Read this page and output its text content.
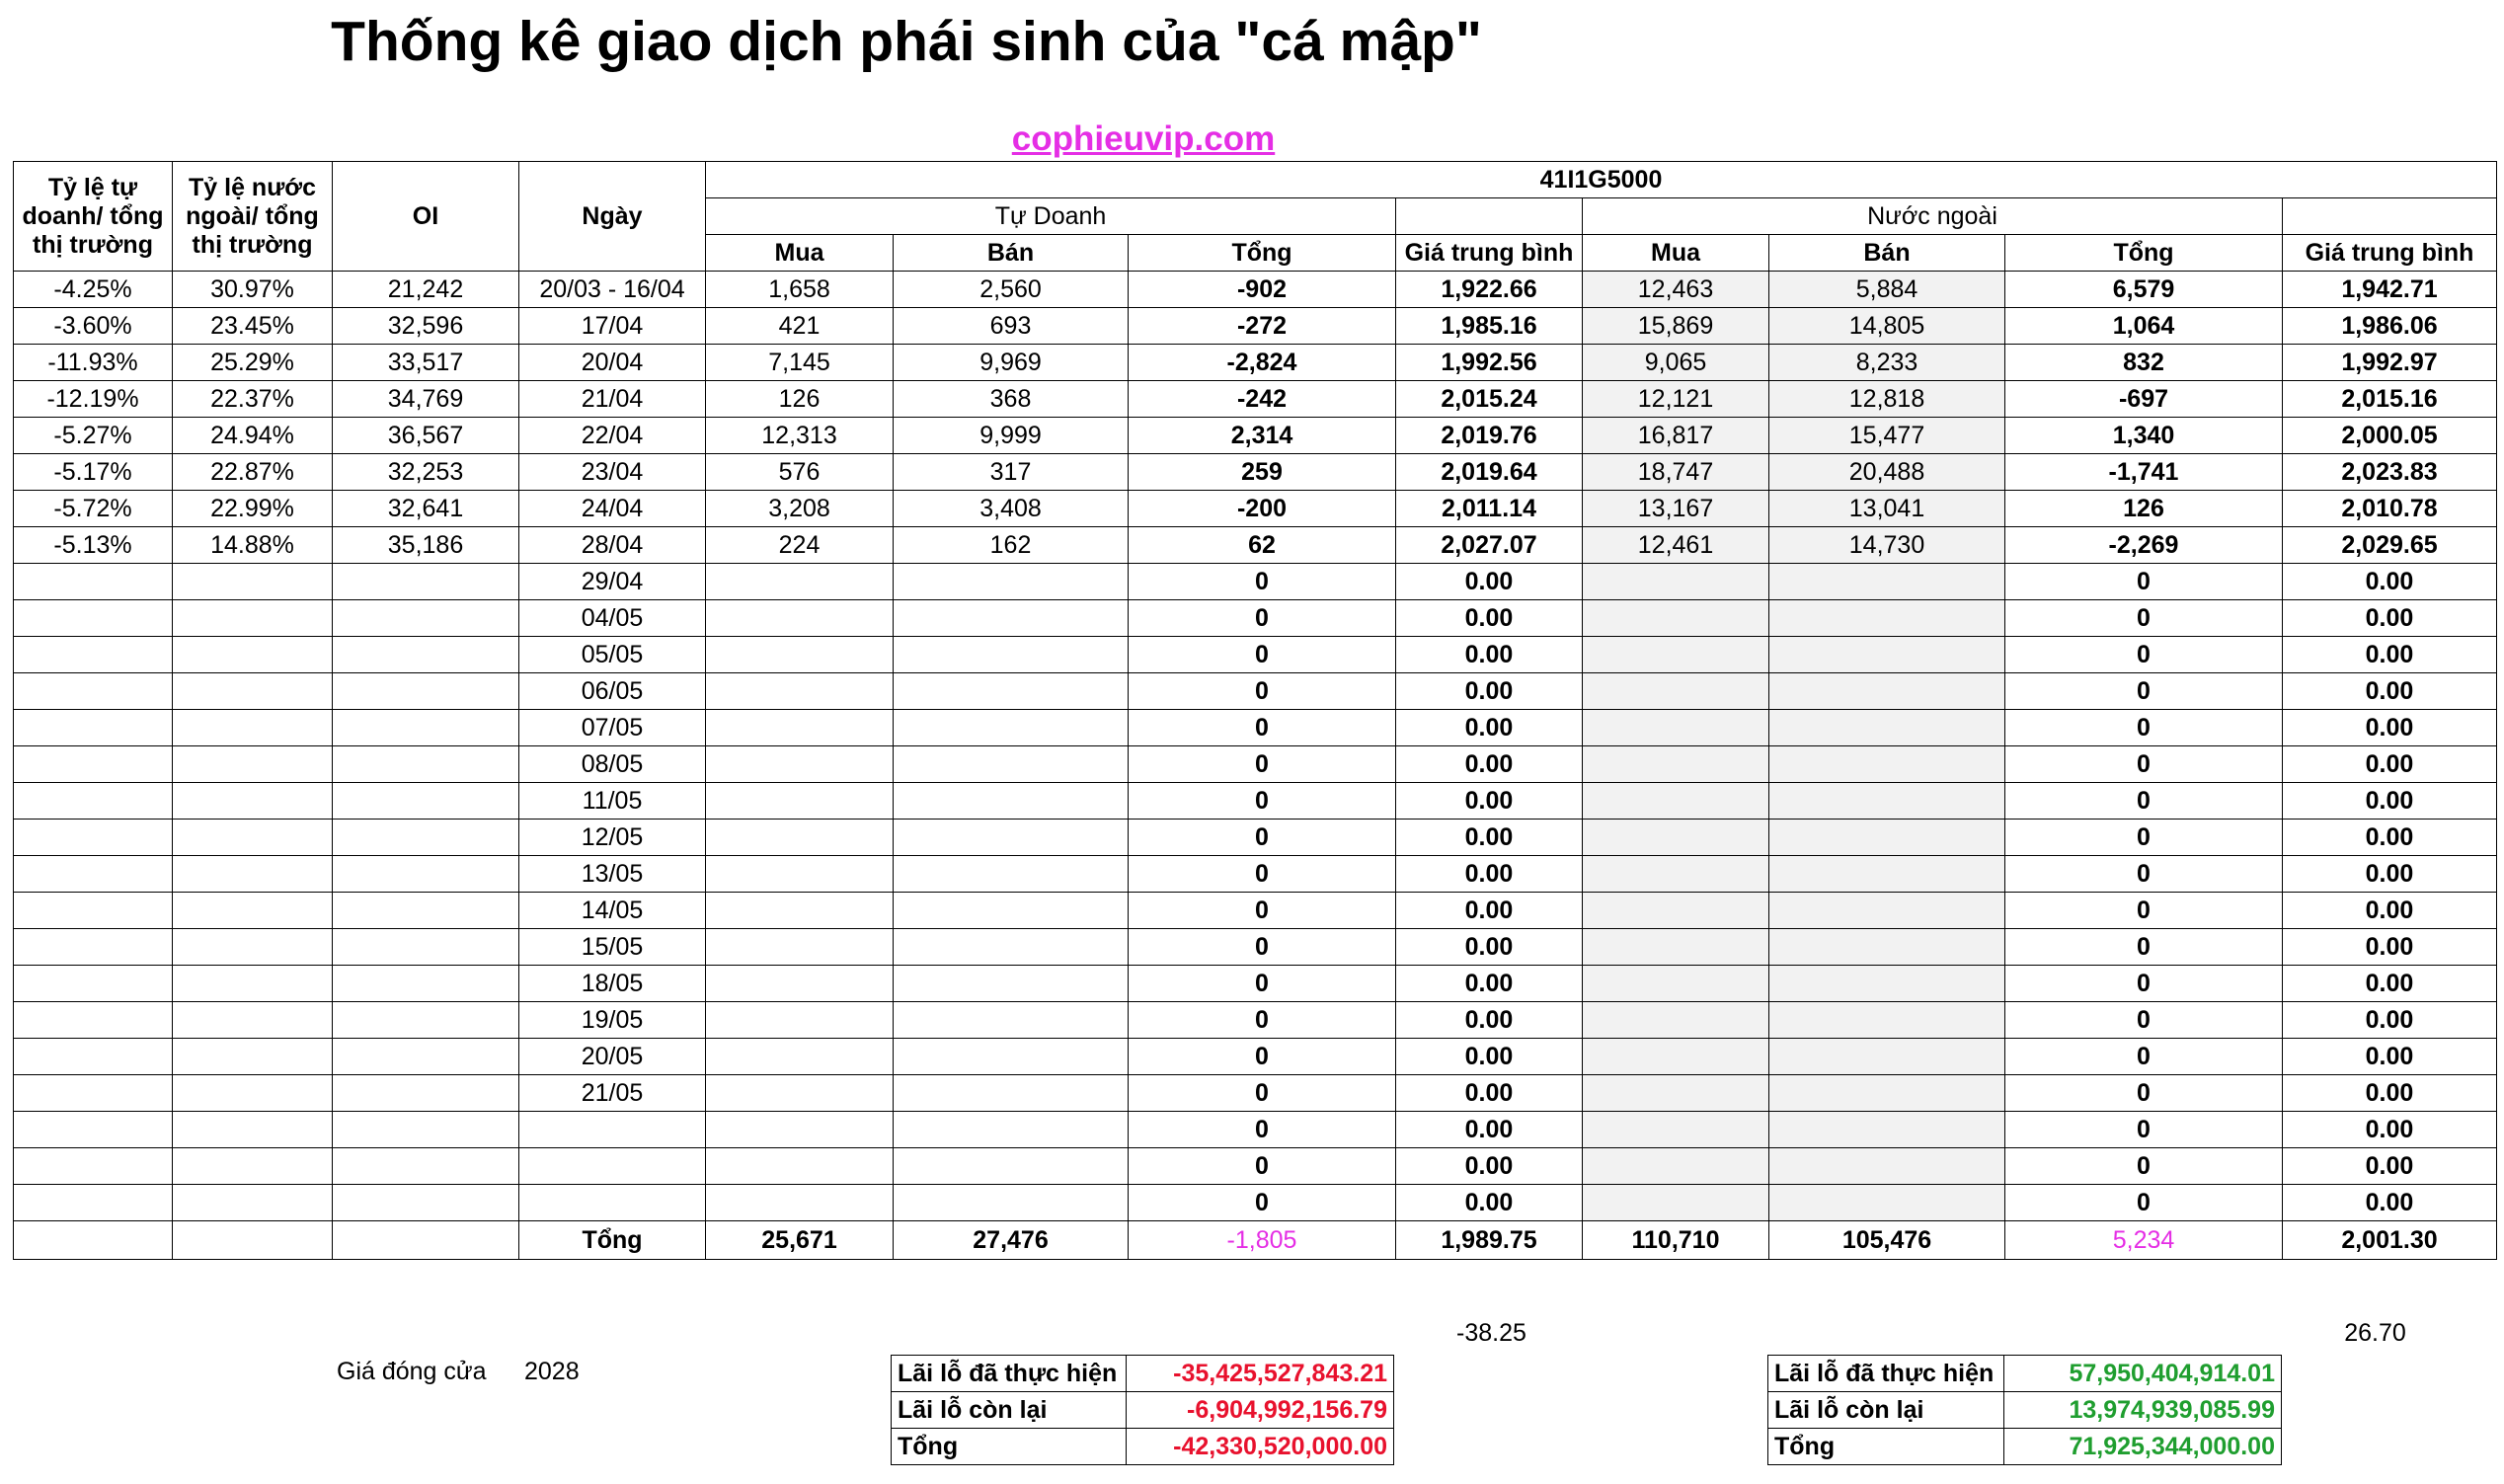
Thống kê giao dịch phái sinh của "cá mập"
cophieuvip.com
Tỷ lệ tự doanh/ tổng thị trường	Tỷ lệ nước ngoài/ tổng thị trường	OI	Ngày	41I1G5000							
				Tự Doanh				Nước ngoài			
				Mua	Bán	Tổng	Giá trung bình	Mua	Bán	Tổng	Giá trung bình
-4.25%	30.97%	21,242	20/03 - 16/04	1,658	2,560	-902	1,922.66	12,463	5,884	6,579	1,942.71
-3.60%	23.45%	32,596	17/04	421	693	-272	1,985.16	15,869	14,805	1,064	1,986.06
-11.93%	25.29%	33,517	20/04	7,145	9,969	-2,824	1,992.56	9,065	8,233	832	1,992.97
-12.19%	22.37%	34,769	21/04	126	368	-242	2,015.24	12,121	12,818	-697	2,015.16
-5.27%	24.94%	36,567	22/04	12,313	9,999	2,314	2,019.76	16,817	15,477	1,340	2,000.05
-5.17%	22.87%	32,253	23/04	576	317	259	2,019.64	18,747	20,488	-1,741	2,023.83
-5.72%	22.99%	32,641	24/04	3,208	3,408	-200	2,011.14	13,167	13,041	126	2,010.78
-5.13%	14.88%	35,186	28/04	224	162	62	2,027.07	12,461	14,730	-2,269	2,029.65
			29/04			0	0.00			0	0.00
			04/05			0	0.00			0	0.00
			05/05			0	0.00			0	0.00
			06/05			0	0.00			0	0.00
			07/05			0	0.00			0	0.00
			08/05			0	0.00			0	0.00
			11/05			0	0.00			0	0.00
			12/05			0	0.00			0	0.00
			13/05			0	0.00			0	0.00
			14/05			0	0.00			0	0.00
			15/05			0	0.00			0	0.00
			18/05			0	0.00			0	0.00
			19/05			0	0.00			0	0.00
			20/05			0	0.00			0	0.00
			21/05			0	0.00			0	0.00
						0	0.00			0	0.00
						0	0.00			0	0.00
						0	0.00			0	0.00
			Tổng	25,671	27,476	-1,805	1,989.75	110,710	105,476	5,234	2,001.30
-38.25	26.70
Giá đóng cửa 2028	Lãi lỗ đã thực hiện	-35,425,527,843.21
Lãi lỗ còn lại	-6,904,992,156.79
Tổng	-42,330,520,000.00
Lãi lỗ đã thực hiện	57,950,404,914.01
Lãi lỗ còn lại	13,974,939,085.99
Tổng	71,925,344,000.00
